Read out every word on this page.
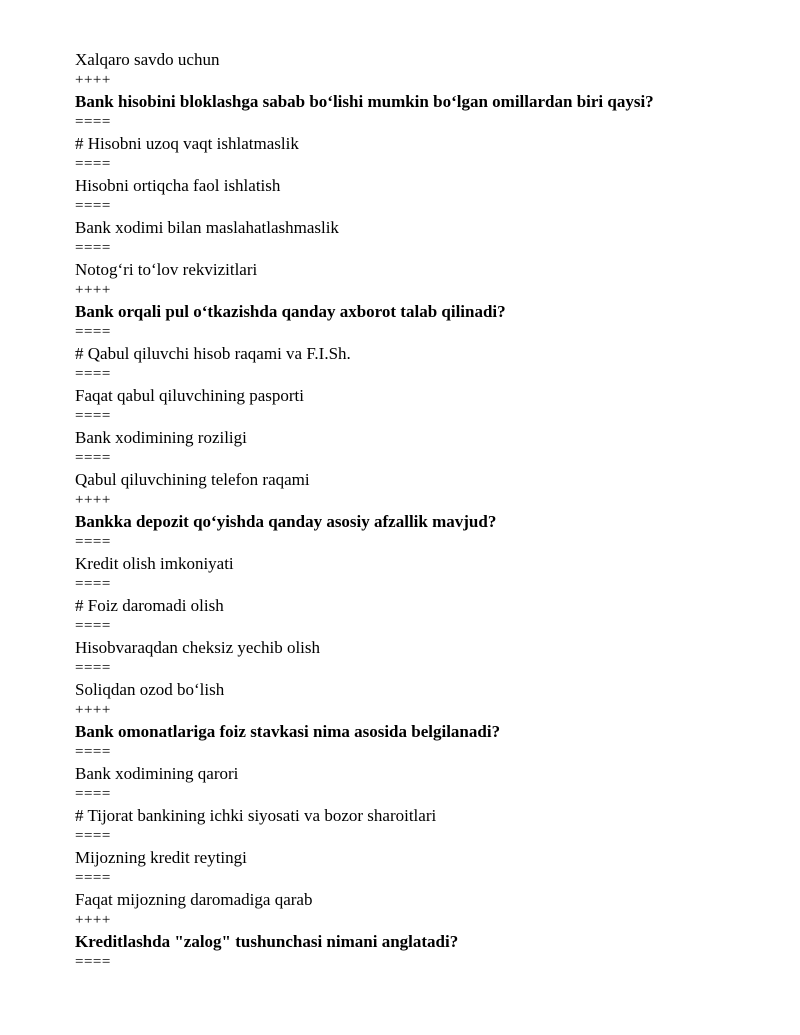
Xalqaro savdo uchun
++++
Bank hisobini bloklashga sabab bo‘lishi mumkin bo‘lgan omillardan biri qaysi?
====
# Hisobni uzoq vaqt ishlatmaslik
====
Hisobni ortiqcha faol ishlatish
====
Bank xodimi bilan maslahatlashmaslik
====
Notog‘ri to‘lov rekvizitlari
++++
Bank orqali pul o‘tkazishda qanday axborot talab qilinadi?
====
# Qabul qiluvchi hisob raqami va F.I.Sh.
====
Faqat qabul qiluvchining pasporti
====
Bank xodimining roziligi
====
Qabul qiluvchining telefon raqami
++++
Bankka depozit qo‘yishda qanday asosiy afzallik mavjud?
====
Kredit olish imkoniyati
====
# Foiz daromadi olish
====
Hisobvaraqdan cheksiz yechib olish
====
Soliqdan ozod bo‘lish
++++
Bank omonatlariga foiz stavkasi nima asosida belgilanadi?
====
Bank xodimining qarori
====
# Tijorat bankining ichki siyosati va bozor sharoitlari
====
Mijozning kredit reytingi
====
Faqat mijozning daromadiga qarab
++++
Kreditlashda "zalog" tushunchasi nimani anglatadi?
====
